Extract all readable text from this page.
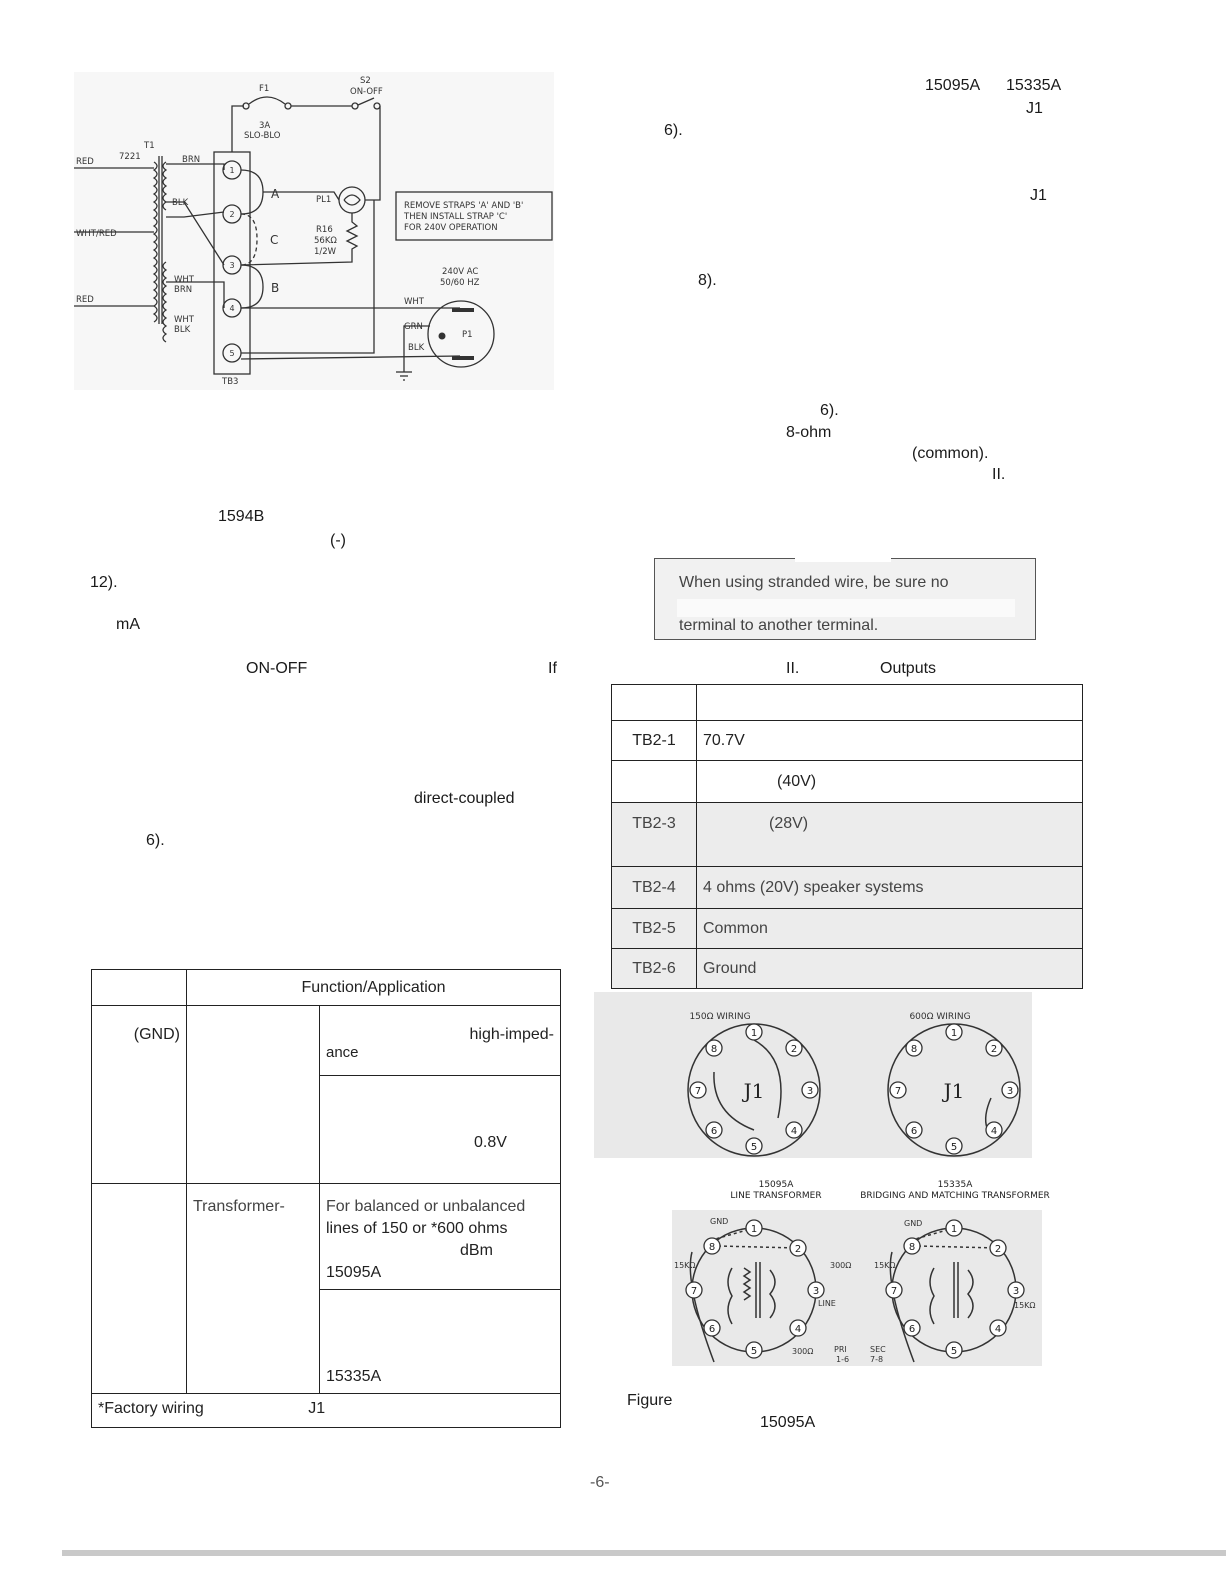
F1
3A
SLO-BLO
S2
ON-OFF
T1
7221
RED
WHT/RED
RED
BRN
BLK
WHT
BRN
WHT
BLK
PL1
R16
56KΩ
1/2W
REMOVE STRAPS 'A' AND 'B'
THEN INSTALL STRAP 'C'
FOR 240V OPERATION
240V AC
50/60 HZ
WHT
GRN
BLK
P1
TB3
A
B
C
1
2
3
4
5
1594B
(-)
12).
mA
ON-OFF	If
direct-coupled
6).
15095A 15335A
J1
6).
J1
8).
6).
8-ohm
(common).
II.
When using stranded wire, be sure no
terminal to another terminal.
II.	Outputs

TB2-1	70.7V
	(40V)
TB2-3	(28V)
TB2-4	4 ohms (20V) speaker systems
TB2-5	Common
TB2-6	Ground
	Function/Application	
(GND)		high-imped-
ance

		0.8V
	Transformer-	For balanced or unbalanced
lines of 150 or *600 ohms
dBm
15095A

		15335A
*Factory wiring J1		
150Ω WIRING	600Ω WIRING
1
2
3
4
5
6
7
8
1
2
3
4
5
6
7
8
J1	J1
15095A
LINE TRANSFORMER
15335A
BRIDGING AND MATCHING TRANSFORMER
1
2
3
4
5
6
7
8
1
2
3
4
5
6
7
8
GND	GND
15KΩ	15KΩ
15KΩ
300Ω
300Ω
LINE
PRI
1-6
SEC
7-8
Figure
15095A
-6-
